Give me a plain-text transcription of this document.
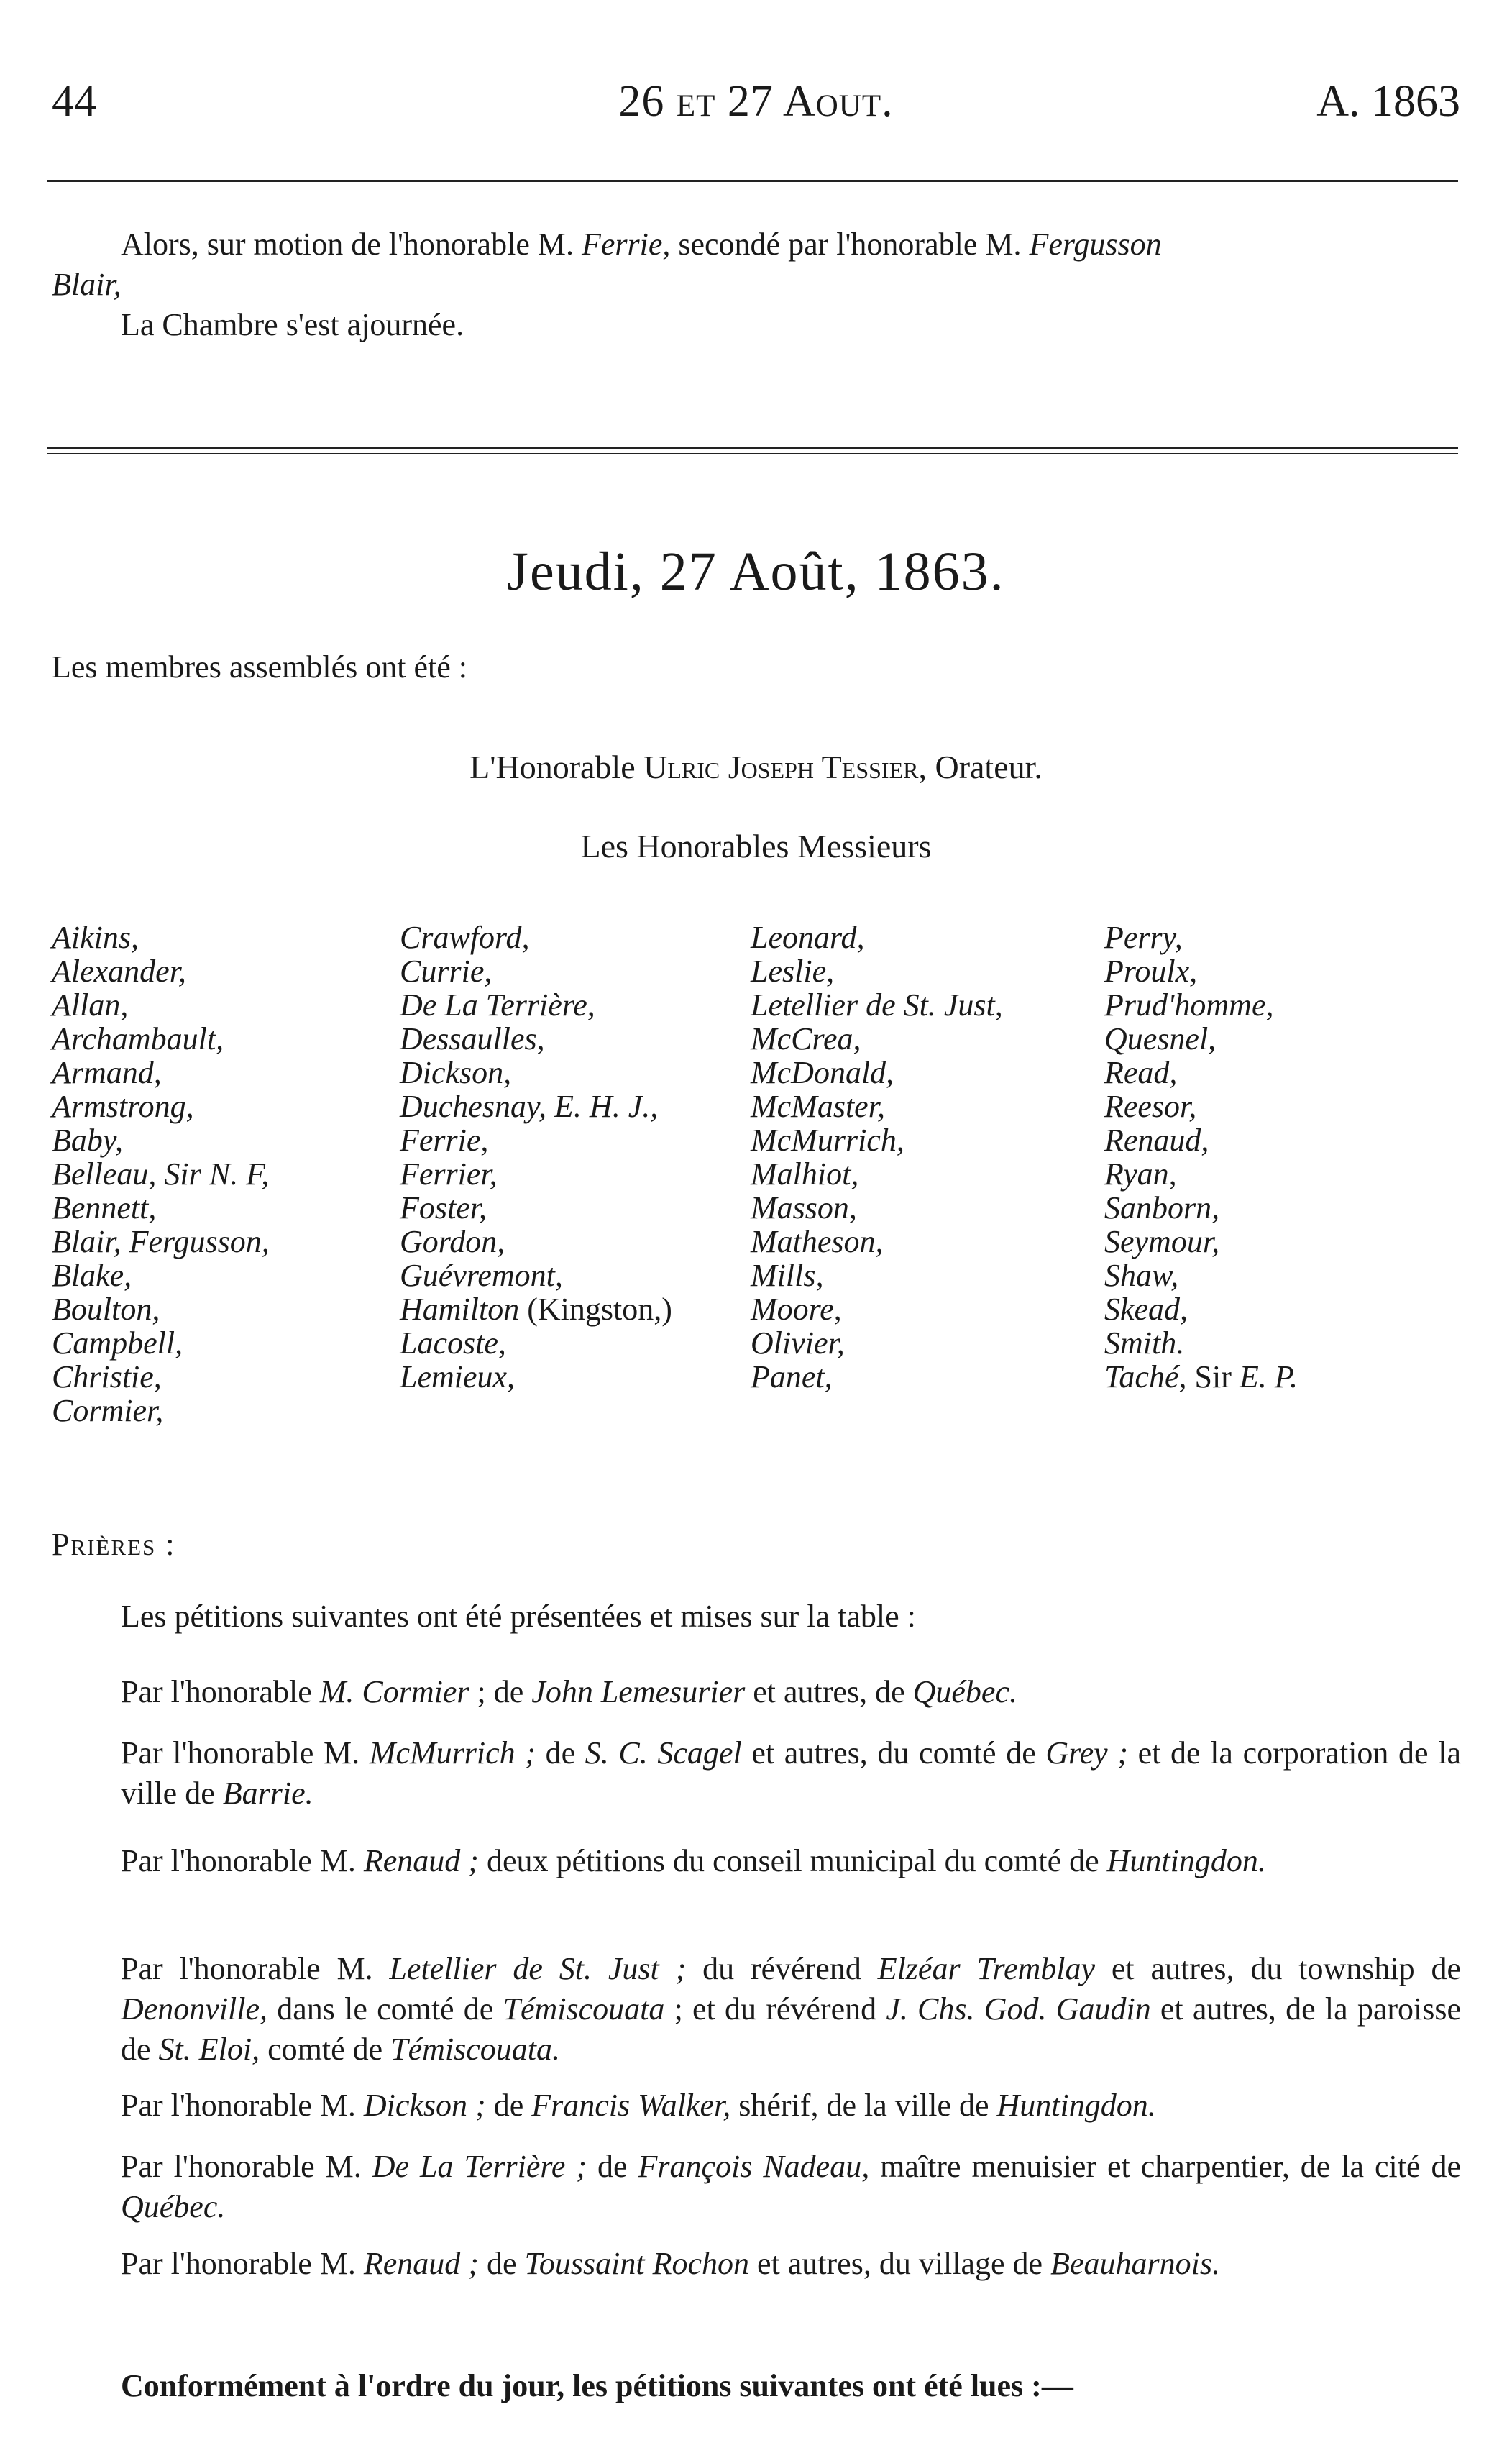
44	26 et 27 Aout.	A. 1863
Alors, sur motion de l'honorable M. Ferrie, secondé par l'honorable M. Fergusson
Blair,
La Chambre s'est ajournée.
Jeudi, 27 Août, 1863.
Les membres assemblés ont été :
L'Honorable Ulric Joseph Tessier, Orateur.
Les Honorables Messieurs
Aikins,
Alexander,
Allan,
Archambault,
Armand,
Armstrong,
Baby,
Belleau, Sir N. F,
Bennett,
Blair, Fergusson,
Blake,
Boulton,
Campbell,
Christie,
Cormier,
Crawford,
Currie,
De La Terrière,
Dessaulles,
Dickson,
Duchesnay, E. H. J.,
Ferrie,
Ferrier,
Foster,
Gordon,
Guévremont,
Hamilton (Kingston,)
Lacoste,
Lemieux,
Leonard,
Leslie,
Letellier de St. Just,
McCrea,
McDonald,
McMaster,
McMurrich,
Malhiot,
Masson,
Matheson,
Mills,
Moore,
Olivier,
Panet,
Perry,
Proulx,
Prud'homme,
Quesnel,
Read,
Reesor,
Renaud,
Ryan,
Sanborn,
Seymour,
Shaw,
Skead,
Smith.
Taché, Sir E. P.
Prières :
Les pétitions suivantes ont été présentées et mises sur la table :
Par l'honorable M. Cormier ; de John Lemesurier et autres, de Québec.
Par l'honorable M. McMurrich ; de S. C. Scagel et autres, du comté de Grey ; et de la corporation de la ville de Barrie.
Par l'honorable M. Renaud ; deux pétitions du conseil municipal du comté de Huntingdon.
Par l'honorable M. Letellier de St. Just ; du révérend Elzéar Tremblay et autres, du township de Denonville, dans le comté de Témiscouata ; et du révérend J. Chs. God. Gaudin et autres, de la paroisse de St. Eloi, comté de Témiscouata.
Par l'honorable M. Dickson ; de Francis Walker, shérif, de la ville de Huntingdon.
Par l'honorable M. De La Terrière ; de François Nadeau, maître menuisier et charpentier, de la cité de Québec.
Par l'honorable M. Renaud ; de Toussaint Rochon et autres, du village de Beauharnois.
Conformément à l'ordre du jour, les pétitions suivantes ont été lues :—
